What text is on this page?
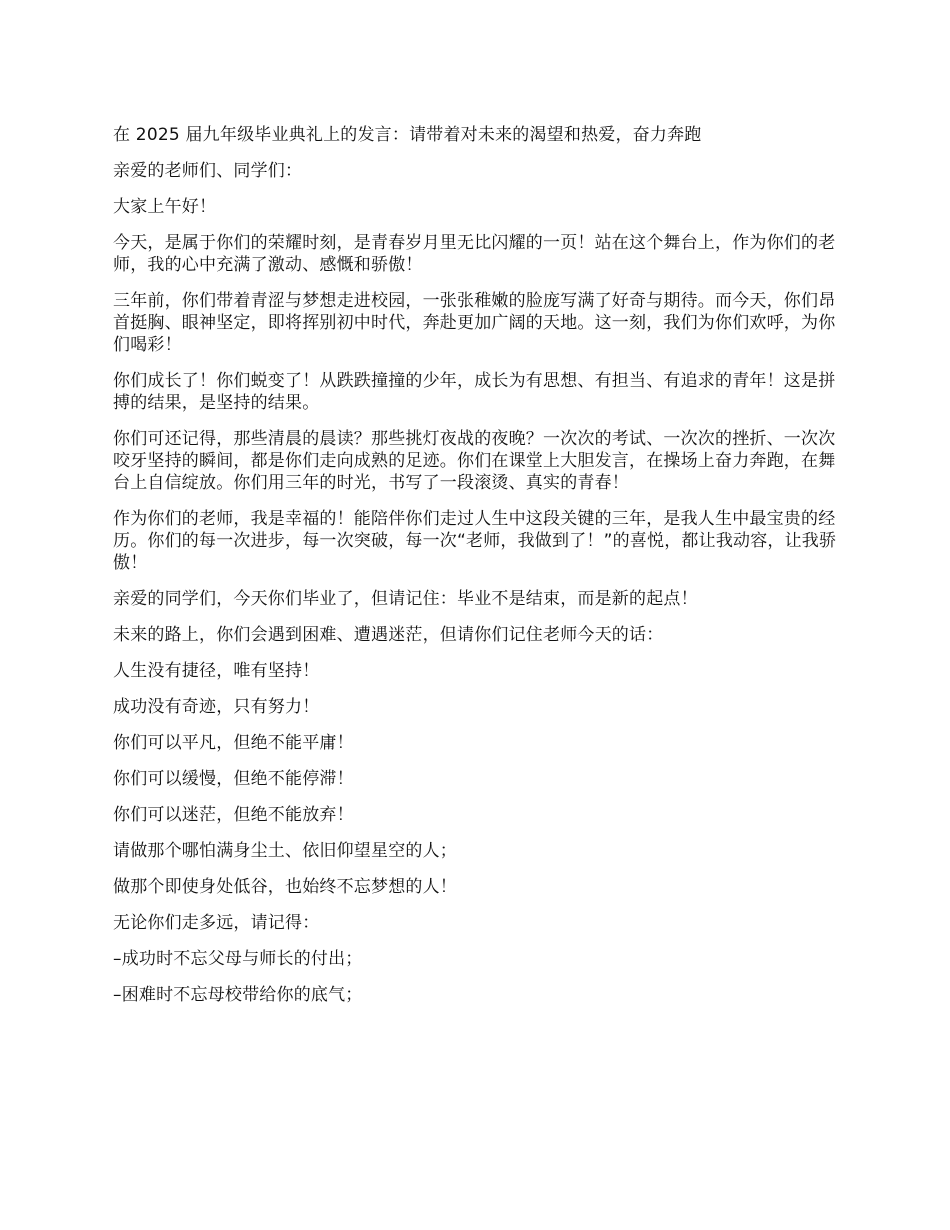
在 2025 届九年级毕业典礼上的发言：请带着对未来的渴望和热爱，奋力奔跑

亲爱的老师们、同学们：

大家上午好！

今天，是属于你们的荣耀时刻，是青春岁月里无比闪耀的一页！站在这个舞台上，作为你们的老师，我的心中充满了激动、感慨和骄傲！

三年前，你们带着青涩与梦想走进校园，一张张稚嫩的脸庞写满了好奇与期待。而今天，你们昂首挺胸、眼神坚定，即将挥别初中时代，奔赴更加广阔的天地。这一刻，我们为你们欢呼，为你们喝彩！

你们成长了！你们蜕变了！从跌跌撞撞的少年，成长为有思想、有担当、有追求的青年！这是拼搏的结果，是坚持的结果。

你们可还记得，那些清晨的晨读？那些挑灯夜战的夜晚？一次次的考试、一次次的挫折、一次次咬牙坚持的瞬间，都是你们走向成熟的足迹。你们在课堂上大胆发言，在操场上奋力奔跑，在舞台上自信绽放。你们用三年的时光，书写了一段滚烫、真实的青春！

作为你们的老师，我是幸福的！能陪伴你们走过人生中这段关键的三年，是我人生中最宝贵的经历。你们的每一次进步，每一次突破，每一次“老师，我做到了！”的喜悦，都让我动容，让我骄傲！

亲爱的同学们，今天你们毕业了，但请记住：毕业不是结束，而是新的起点！

未来的路上，你们会遇到困难、遭遇迷茫，但请你们记住老师今天的话：

人生没有捷径，唯有坚持！

成功没有奇迹，只有努力！

你们可以平凡，但绝不能平庸！

你们可以缓慢，但绝不能停滞！

你们可以迷茫，但绝不能放弃！

请做那个哪怕满身尘土、依旧仰望星空的人；

做那个即使身处低谷，也始终不忘梦想的人！

无论你们走多远，请记得：

–成功时不忘父母与师长的付出；

–困难时不忘母校带给你的底气；
